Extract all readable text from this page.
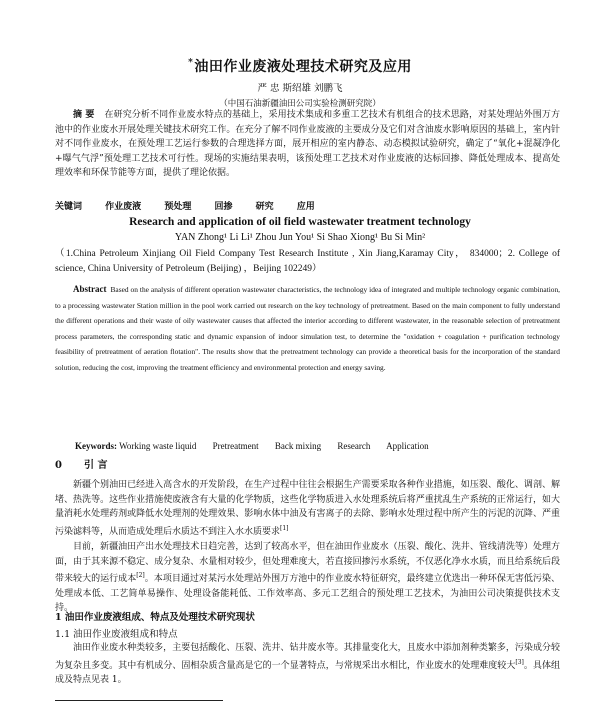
*油田作业废液处理技术研究及应用
严 忠 斯绍雄 刘鹏飞
（中国石油新疆油田公司实验检测研究院）
摘 要 在研究分析不同作业废水特点的基础上，采用技术集成和多重工艺技术有机组合的技术思路，对某处理站外围万方池中的作业废水开展处理关键技术研究工作。在充分了解不同作业废液的主要成分及它们对含油废水影响原因的基础上，室内针对不同作业废水，在预处理工艺运行参数的合理选择方面，展开相应的室内静态、动态模拟试验研究，确定了“氧化+混凝净化+曝气气浮”预处理工艺技术可行性。现场的实施结果表明，该预处理工艺技术对作业废液的达标回掺、降低处理成本、提高处理效率和环保节能等方面，提供了理论依据。
关键词	作业废液	预处理	回掺	研究	应用
Research and application of oil field wastewater treatment technology
YAN Zhong¹ Li Li¹ Zhou Jun You¹ Si Shao Xiong¹ Bu Si Min²
（1.China Petroleum Xinjiang Oil Field Company Test Research Institute , Xin Jiang,Karamay City， 834000；2. College of science, China University of Petroleum (Beijing) ，Beijing 102249）
Abstract Based on the analysis of different operation wastewater characteristics, the technology idea of integrated and multiple technology organic combination, to a processing wastewater Station million in the pool work carried out research on the key technology of pretreatment. Based on the main component to fully understand the different operations and their waste of oily wastewater causes that affected the interior according to different wastewater, in the reasonable selection of pretreatment process parameters, the corresponding static and dynamic expansion of indoor simulation test, to determine the "oxidation + coagulation + purification technology feasibility of pretreatment of aeration flotation". The results show that the pretreatment technology can provide a theoretical basis for the incorporation of the standard solution, reducing the cost, improving the treatment efficiency and environmental protection and energy saving.
Keywords: Working waste liquid Pretreatment Back mixing Research Application
0 引 言
新疆个别油田已经进入高含水的开发阶段，在生产过程中往往会根据生产需要采取各种作业措施，如压裂、酸化、调剖、解堵、热洗等。这些作业措施使废液含有大量的化学物质，这些化学物质进入水处理系统后将严重扰乱生产系统的正常运行，如大量消耗水处理药剂或降低水处理剂的处理效果、影响水体中油及有害离子的去除、影响水处理过程中所产生的污泥的沉降、严重污染滤料等，从而造成处理后水质达不到注入水水质要求[1]
目前，新疆油田产出水处理技术日趋完善，达到了较高水平，但在油田作业废水（压裂、酸化、洗井、管线清洗等）处理方面，由于其来源不稳定、成分复杂、水量相对较少，但处理难度大，若直接回掺污水系统，不仅恶化净水水质，而且给系统后段带来较大的运行成本[2]。本项目通过对某污水处理站外围万方池中的作业废水特征研究，最终建立优选出一种环保无害低污染、处理成本低、工艺简单易操作、处理设备能耗低、工作效率高、多元工艺组合的预处理工艺技术，为油田公司决策提供技术支持。
1 油田作业废液组成、特点及处理技术研究现状
1.1 油田作业废液组成和特点
油田作业废水种类较多，主要包括酸化、压裂、洗井、钻井废水等。其排量变化大，且废水中添加剂种类繁多，污染成分较为复杂且多变。其中有机成分、固相杂质含量高是它的一个显著特点，与常规采出水相比，作业废水的处理难度较大[3]。具体组成及特点见表 1。
